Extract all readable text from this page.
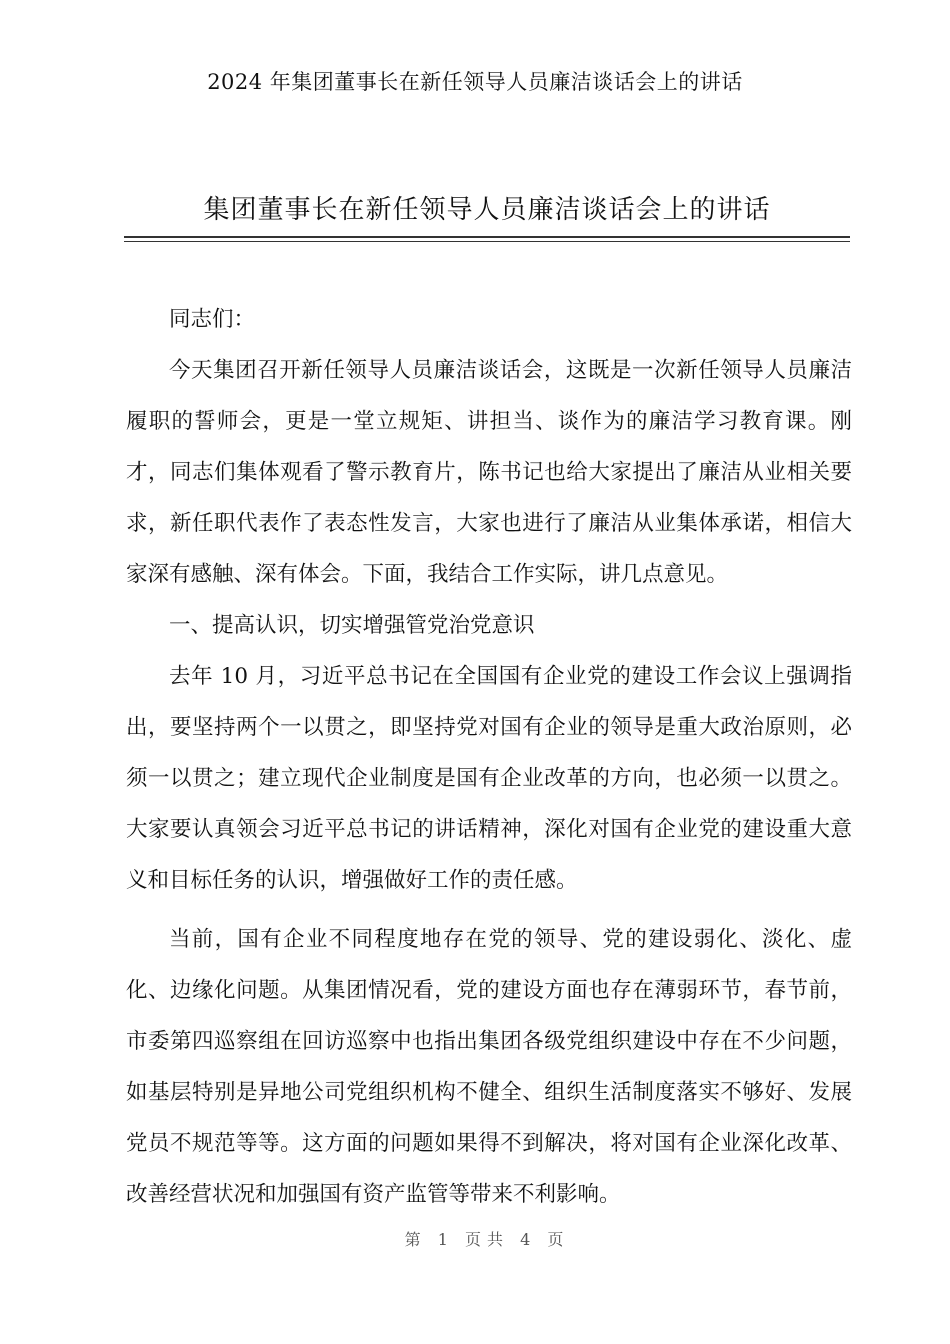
2024 年集团董事长在新任领导人员廉洁谈话会上的讲话
集团董事长在新任领导人员廉洁谈话会上的讲话

同志们：

今天集团召开新任领导人员廉洁谈话会，这既是一次新任领导人员廉洁履职的誓师会，更是一堂立规矩、讲担当、谈作为的廉洁学习教育课。刚才，同志们集体观看了警示教育片，陈书记也给大家提出了廉洁从业相关要求，新任职代表作了表态性发言，大家也进行了廉洁从业集体承诺，相信大家深有感触、深有体会。下面，我结合工作实际，讲几点意见。

一、提高认识，切实增强管党治党意识

去年 10 月，习近平总书记在全国国有企业党的建设工作会议上强调指出，要坚持两个一以贯之，即坚持党对国有企业的领导是重大政治原则，必须一以贯之；建立现代企业制度是国有企业改革的方向，也必须一以贯之。大家要认真领会习近平总书记的讲话精神，深化对国有企业党的建设重大意义和目标任务的认识，增强做好工作的责任感。

当前，国有企业不同程度地存在党的领导、党的建设弱化、淡化、虚化、边缘化问题。从集团情况看，党的建设方面也存在薄弱环节，春节前，市委第四巡察组在回访巡察中也指出集团各级党组织建设中存在不少问题，如基层特别是异地公司党组织机构不健全、组织生活制度落实不够好、发展党员不规范等等。这方面的问题如果得不到解决，将对国有企业深化改革、改善经营状况和加强国有资产监管等带来不利影响。

第 1 页共 4 页
